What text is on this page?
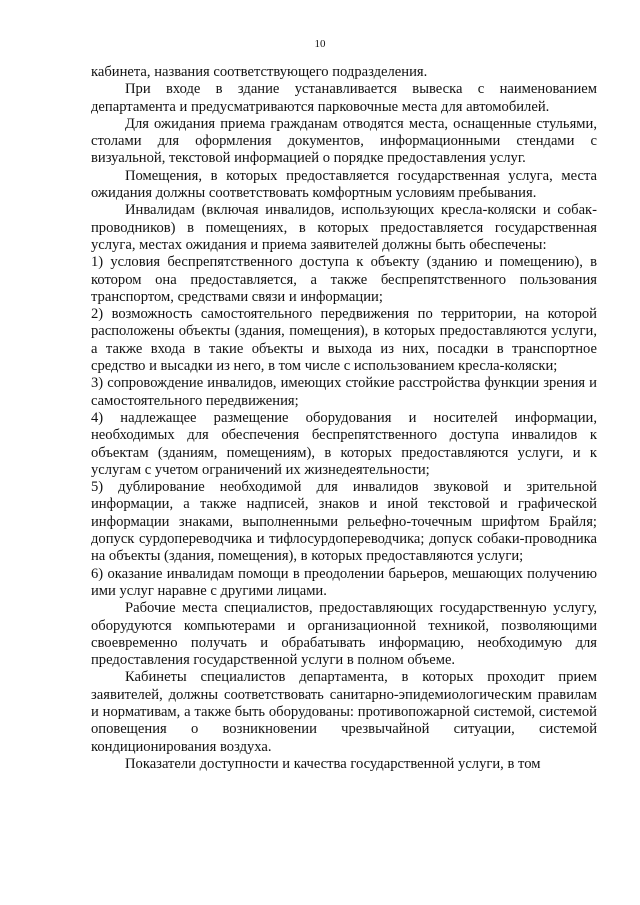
10

кабинета, названия соответствующего подразделения.

При входе в здание устанавливается вывеска с наименованием департамента и предусматриваются парковочные места для автомобилей.

Для ожидания приема гражданам отводятся места, оснащенные стульями, столами для оформления документов, информационными стендами с визуальной, текстовой информацией о порядке предоставления услуг.

Помещения, в которых предоставляется государственная услуга, места ожидания должны соответствовать комфортным условиям пребывания.

Инвалидам (включая инвалидов, использующих кресла-коляски и собак-проводников) в помещениях, в которых предоставляется государственная услуга, местах ожидания и приема заявителей должны быть обеспечены:

1) условия беспрепятственного доступа к объекту (зданию и помещению), в котором она предоставляется, а также беспрепятственного пользования транспортом, средствами связи и информации;

2) возможность самостоятельного передвижения по территории, на которой расположены объекты (здания, помещения), в которых предоставляются услуги, а также входа в такие объекты и выхода из них, посадки в транспортное средство и высадки из него, в том числе с использованием кресла-коляски;

3) сопровождение инвалидов, имеющих стойкие расстройства функции зрения и самостоятельного передвижения;

4) надлежащее размещение оборудования и носителей информации, необходимых для обеспечения беспрепятственного доступа инвалидов к объектам (зданиям, помещениям), в которых предоставляются услуги, и к услугам с учетом ограничений их жизнедеятельности;

5) дублирование необходимой для инвалидов звуковой и зрительной информации, а также надписей, знаков и иной текстовой и графической информации знаками, выполненными рельефно-точечным шрифтом Брайля; допуск сурдопереводчика и тифлосурдопереводчика; допуск собаки-проводника на объекты (здания, помещения), в которых предоставляются услуги;

6) оказание инвалидам помощи в преодолении барьеров, мешающих получению ими услуг наравне с другими лицами.

Рабочие места специалистов, предоставляющих государственную услугу, оборудуются компьютерами и организационной техникой, позволяющими своевременно получать и обрабатывать информацию, необходимую для предоставления государственной услуги в полном объеме.

Кабинеты специалистов департамента, в которых проходит прием заявителей, должны соответствовать санитарно-эпидемиологическим правилам и нормативам, а также быть оборудованы: противопожарной системой, системой оповещения о возникновении чрезвычайной ситуации, системой кондиционирования воздуха.

Показатели доступности и качества государственной услуги, в том
